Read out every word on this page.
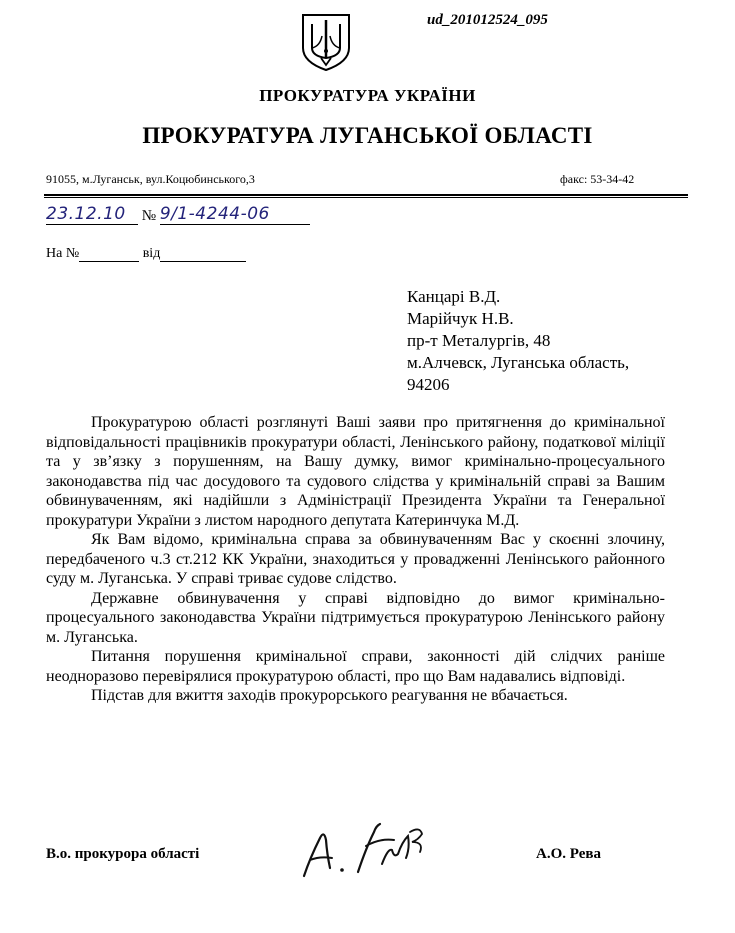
ud_201012524_095
ПРОКУРАТУРА УКРАЇНИ
ПРОКУРАТУРА ЛУГАНСЬКОЇ ОБЛАСТІ
91055, м.Луганськ, вул.Коцюбинського,3	факс: 53-34-42
23.12.10 № 9/1-4244-06
На №	від
Канцарі В.Д.
Марійчук Н.В.
пр-т Металургів, 48
м.Алчевск, Луганська область,
94206

Прокуратурою області розглянуті Ваші заяви про притягнення до кримінальної відповідальності працівників прокуратури області, Ленінського району, податкової міліції та у зв’язку з порушенням, на Вашу думку, вимог кримінально-процесуального законодавства під час досудового та судового слідства у кримінальній справі за Вашим обвинуваченням, які надійшли з Адміністрації Президента України та Генеральної прокуратури України з листом народного депутата Катеринчука М.Д.

Як Вам відомо, кримінальна справа за обвинуваченням Вас у скоєнні злочину, передбаченого ч.3 ст.212 КК України, знаходиться у провадженні Ленінського районного суду м. Луганська. У справі триває судове слідство.

Державне обвинувачення у справі відповідно до вимог кримінально-процесуального законодавства України підтримується прокуратурою Ленінського району м. Луганська.

Питання порушення кримінальної справи, законності дій слідчих раніше неодноразово перевірялися прокуратурою області, про що Вам надавались відповіді.

Підстав для вжиття заходів прокурорського реагування не вбачається.

В.о. прокурора області	А.О. Рева
